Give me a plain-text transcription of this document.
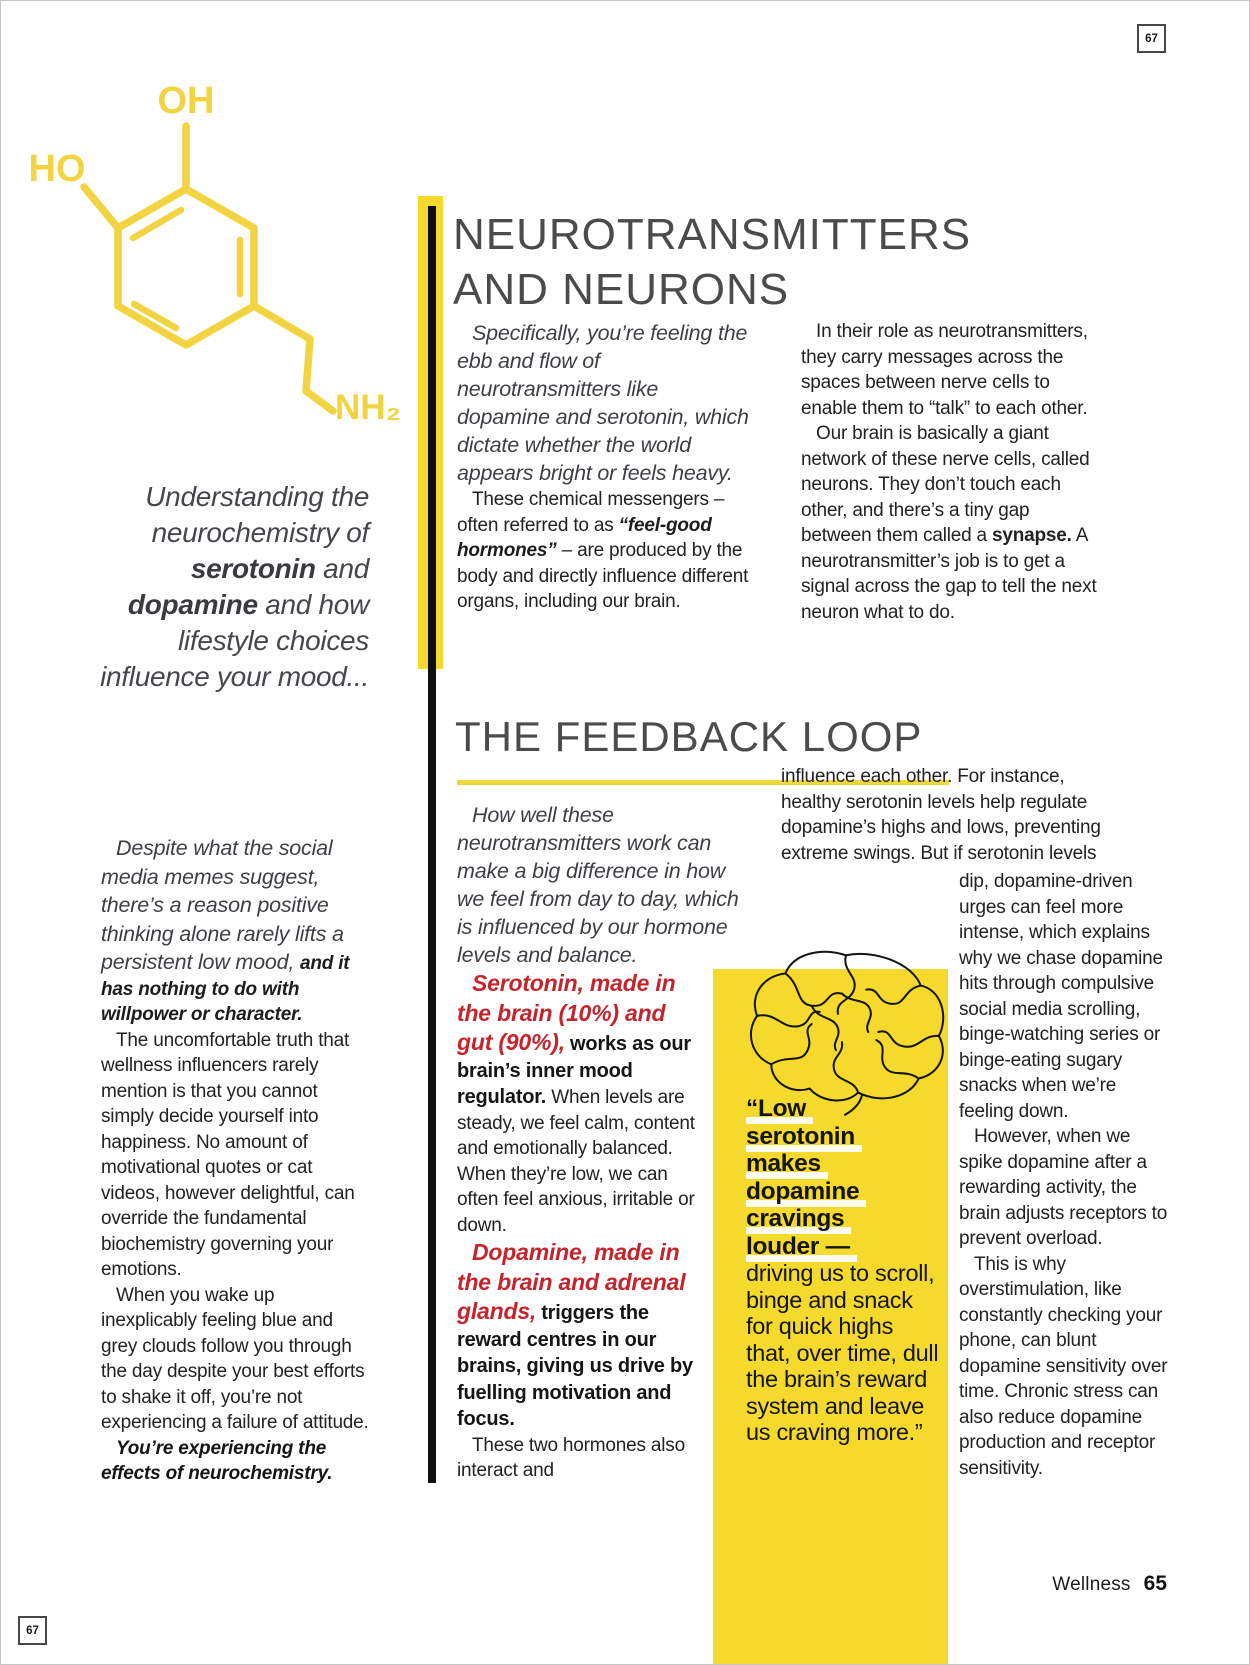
OH
HO
NH₂
67
67
Understanding the neurochemistry of serotonin and dopamine and how lifestyle choices influence your mood...

Despite what the social media memes suggest, there’s a reason positive thinking alone rarely lifts a persistent low mood, and it has nothing to do with willpower or character.

The uncomfortable truth that wellness influencers rarely mention is that you cannot simply decide yourself into happiness. No amount of motivational quotes or cat videos, however delightful, can override the fundamental biochemistry governing your emotions.

When you wake up inexplicably feeling blue and grey clouds follow you through the day despite your best efforts to shake it off, you’re not experiencing a failure of attitude.

You’re experiencing the effects of neurochemistry.

NEUROTRANSMITTERS
AND NEURONS

Specifically, you’re feeling the ebb and flow of neurotransmitters like dopamine and serotonin, which dictate whether the world appears bright or feels heavy.

These chemical messengers – often referred to as “feel-good hormones” – are produced by the body and directly influence different organs, including our brain.

In their role as neurotransmitters, they carry messages across the spaces between nerve cells to enable them to “talk” to each other.

Our brain is basically a giant network of these nerve cells, called neurons. They don’t touch each other, and there’s a tiny gap between them called a synapse. A neurotransmitter’s job is to get a signal across the gap to tell the next neuron what to do.

THE FEEDBACK LOOP

How well these neurotransmitters work can make a big difference in how we feel from day to day, which is influenced by our hormone levels and balance.

Serotonin, made in the brain (10%) and gut (90%), works as our brain’s inner mood regulator. When levels are steady, we feel calm, content and emotionally balanced. When they’re low, we can often feel anxious, irritable or down.

Dopamine, made in the brain and adrenal glands, triggers the reward centres in our brains, giving us drive by fuelling motivation and focus.

These two hormones also interact and

influence each other. For instance, healthy serotonin levels help regulate dopamine’s highs and lows, preventing extreme swings. But if serotonin levels

dip, dopamine-driven urges can feel more intense, which explains why we chase dopamine hits through compulsive social media scrolling, binge-watching series or binge-eating sugary snacks when we’re feeling down.

However, when we spike dopamine after a rewarding activity, the brain adjusts receptors to prevent overload.

This is why overstimulation, like constantly checking your phone, can blunt dopamine sensitivity over time. Chronic stress can also reduce dopamine production and receptor sensitivity.

“Low
serotonin
makes
dopamine
cravings
louder —
driving us to scroll, binge and snack for quick highs that, over time, dull the brain’s reward system and leave us craving more.”
Wellness 65
